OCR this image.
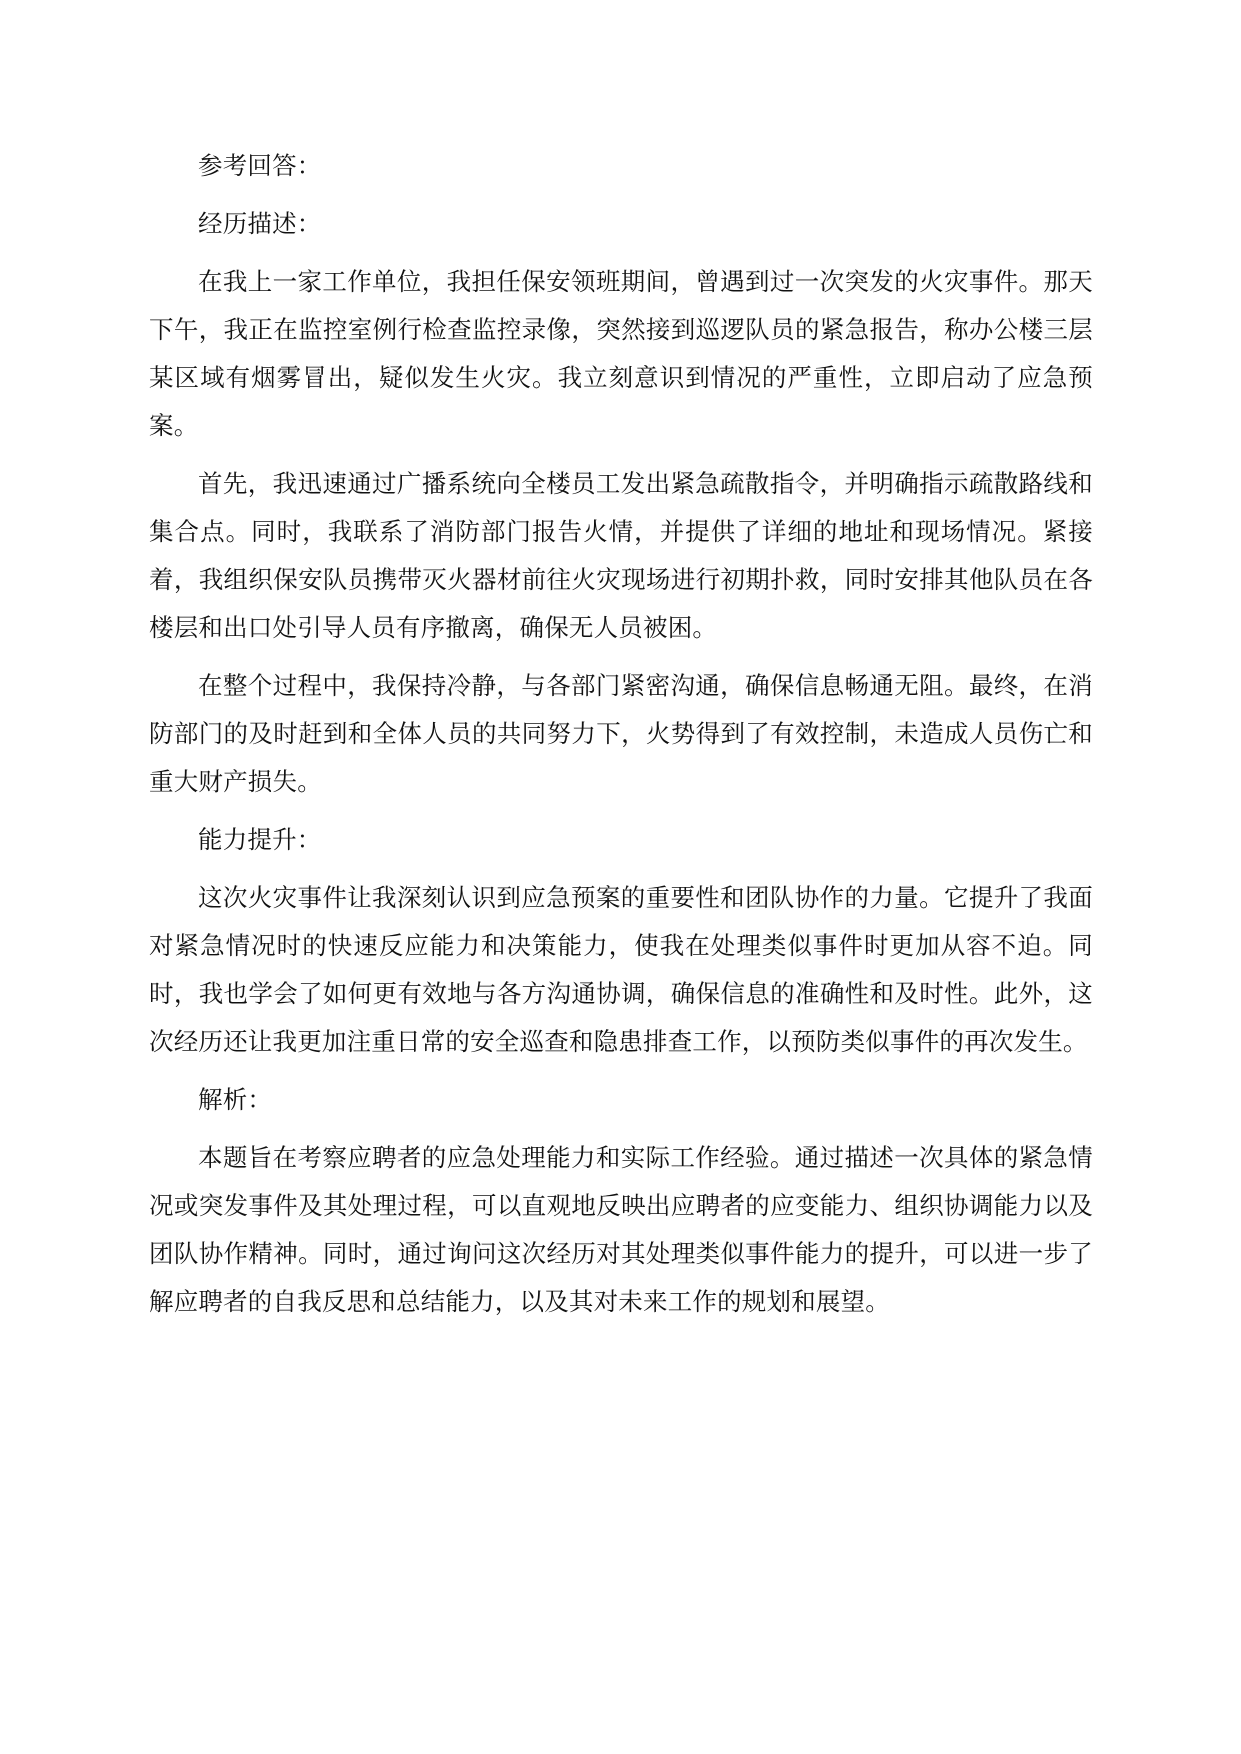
参考回答：

经历描述：

在我上一家工作单位，我担任保安领班期间，曾遇到过一次突发的火灾事件。那天下午，我正在监控室例行检查监控录像，突然接到巡逻队员的紧急报告，称办公楼三层某区域有烟雾冒出，疑似发生火灾。我立刻意识到情况的严重性，立即启动了应急预案。

首先，我迅速通过广播系统向全楼员工发出紧急疏散指令，并明确指示疏散路线和集合点。同时，我联系了消防部门报告火情，并提供了详细的地址和现场情况。紧接着，我组织保安队员携带灭火器材前往火灾现场进行初期扑救，同时安排其他队员在各楼层和出口处引导人员有序撤离，确保无人员被困。

在整个过程中，我保持冷静，与各部门紧密沟通，确保信息畅通无阻。最终，在消防部门的及时赶到和全体人员的共同努力下，火势得到了有效控制，未造成人员伤亡和重大财产损失。

能力提升：

这次火灾事件让我深刻认识到应急预案的重要性和团队协作的力量。它提升了我面对紧急情况时的快速反应能力和决策能力，使我在处理类似事件时更加从容不迫。同时，我也学会了如何更有效地与各方沟通协调，确保信息的准确性和及时性。此外，这次经历还让我更加注重日常的安全巡查和隐患排查工作，以预防类似事件的再次发生。

解析：

本题旨在考察应聘者的应急处理能力和实际工作经验。通过描述一次具体的紧急情况或突发事件及其处理过程，可以直观地反映出应聘者的应变能力、组织协调能力以及团队协作精神。同时，通过询问这次经历对其处理类似事件能力的提升，可以进一步了解应聘者的自我反思和总结能力，以及其对未来工作的规划和展望。
